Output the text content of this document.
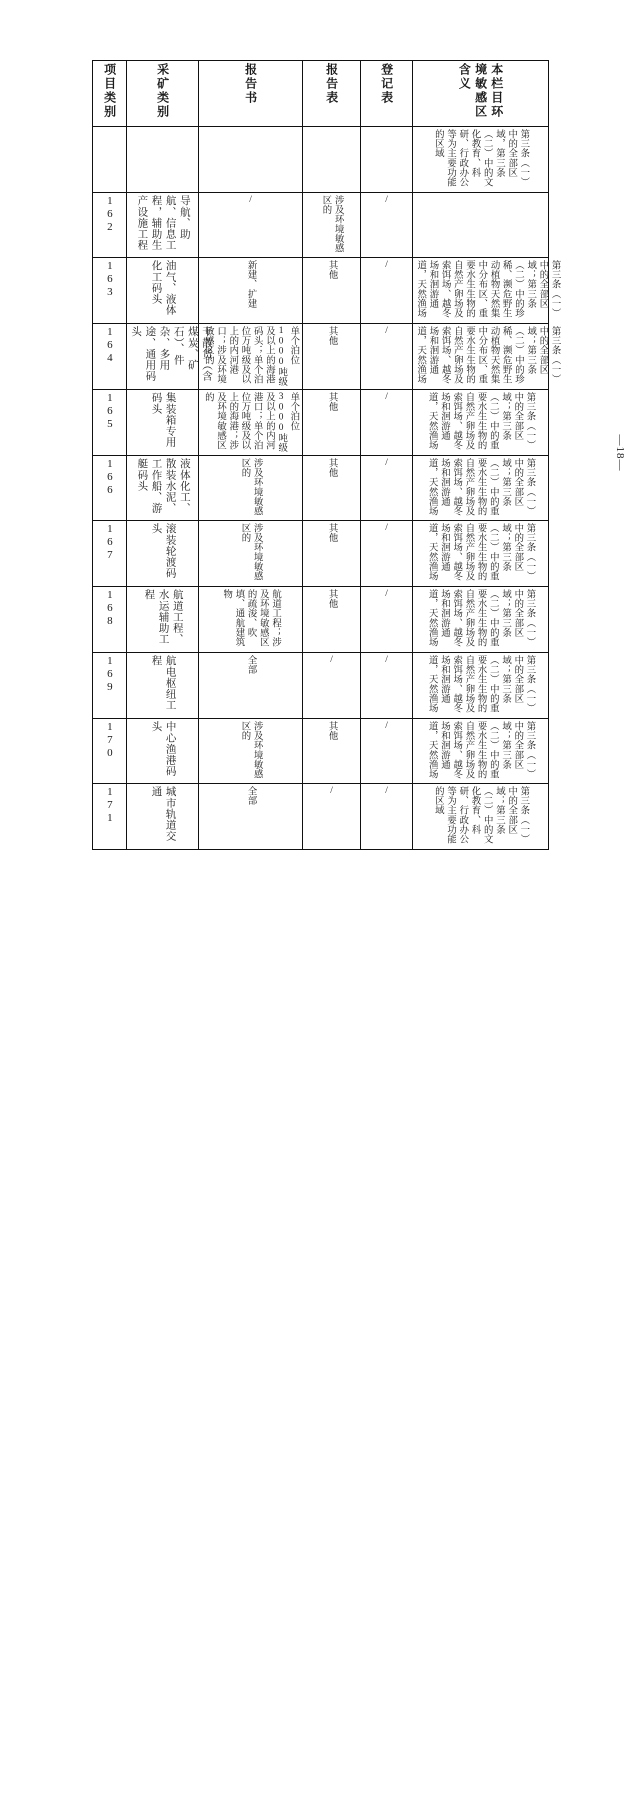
—18—
项目类别	采矿类别	报告书	报告表	登记表	本栏目环境敏感区含义

					第三条（一）中的全部区域，第三条（二）中的文化教育、科研、行政办公等为主要功能的区域

162	导航、助航、信息工程，辅助生产设施工程	/	涉及环境敏感区的	/	

163	油气、液体化工码头	新建、扩建	其他	/	第三条（一）中的全部区域；第三条（二）中的珍稀、濒危野生动植物天然集中分布区、重要水生生物的自然产卵场及索饵场、越冬场和洄游通道，天然渔场

164	干散货（含煤炭、矿石）、件杂、多用途、通用码头	单个泊位1000吨级及以上的海港码头；单个泊位万吨级及以上的内河港口；涉及环境敏感区的	其他	/	第三条（一）中的全部区域；第三条（二）中的珍稀、濒危野生动植物天然集中分布区、重要水生生物的自然产卵场及索饵场、越冬场和洄游通道，天然渔场

165	集装箱专用码头	单个泊位3000吨级及以上的内河港口；单个泊位万吨级及以上的海港；涉及环境敏感区的	其他	/	第三条（一）中的全部区域；第三条（二）中的重要水生生物的自然产卵场及索饵场、越冬场和洄游通道，天然渔场

166	液体化工、散装水泥、工作船、游艇码头	涉及环境敏感区的	其他	/	第三条（一）中的全部区域；第三条（二）中的重要水生生物的自然产卵场及索饵场、越冬场和洄游通道，天然渔场

167	滚装轮渡码头	涉及环境敏感区的	其他	/	第三条（一）中的全部区域；第三条（二）中的重要水生生物的自然产卵场及索饵场、越冬场和洄游通道，天然渔场

168	航道工程、水运辅助工程	航道工程；涉及环境敏感区的疏浚、吹填、通航建筑物	其他	/	第三条（一）中的全部区域；第三条（二）中的重要水生生物的自然产卵场及索饵场、越冬场和洄游通道，天然渔场

169	航电枢纽工程	全部	/	/	第三条（一）中的全部区域；第三条（二）中的重要水生生物的自然产卵场及索饵场、越冬场和洄游通道，天然渔场

170	中心渔港码头	涉及环境敏感区的	其他	/	第三条（一）中的全部区域；第三条（二）中的重要水生生物的自然产卵场及索饵场、越冬场和洄游通道，天然渔场

171	城市轨道交通	全部	/	/	第三条（一）中的全部区域；第三条（二）中的文化教育、科研、行政办公等为主要功能的区域
